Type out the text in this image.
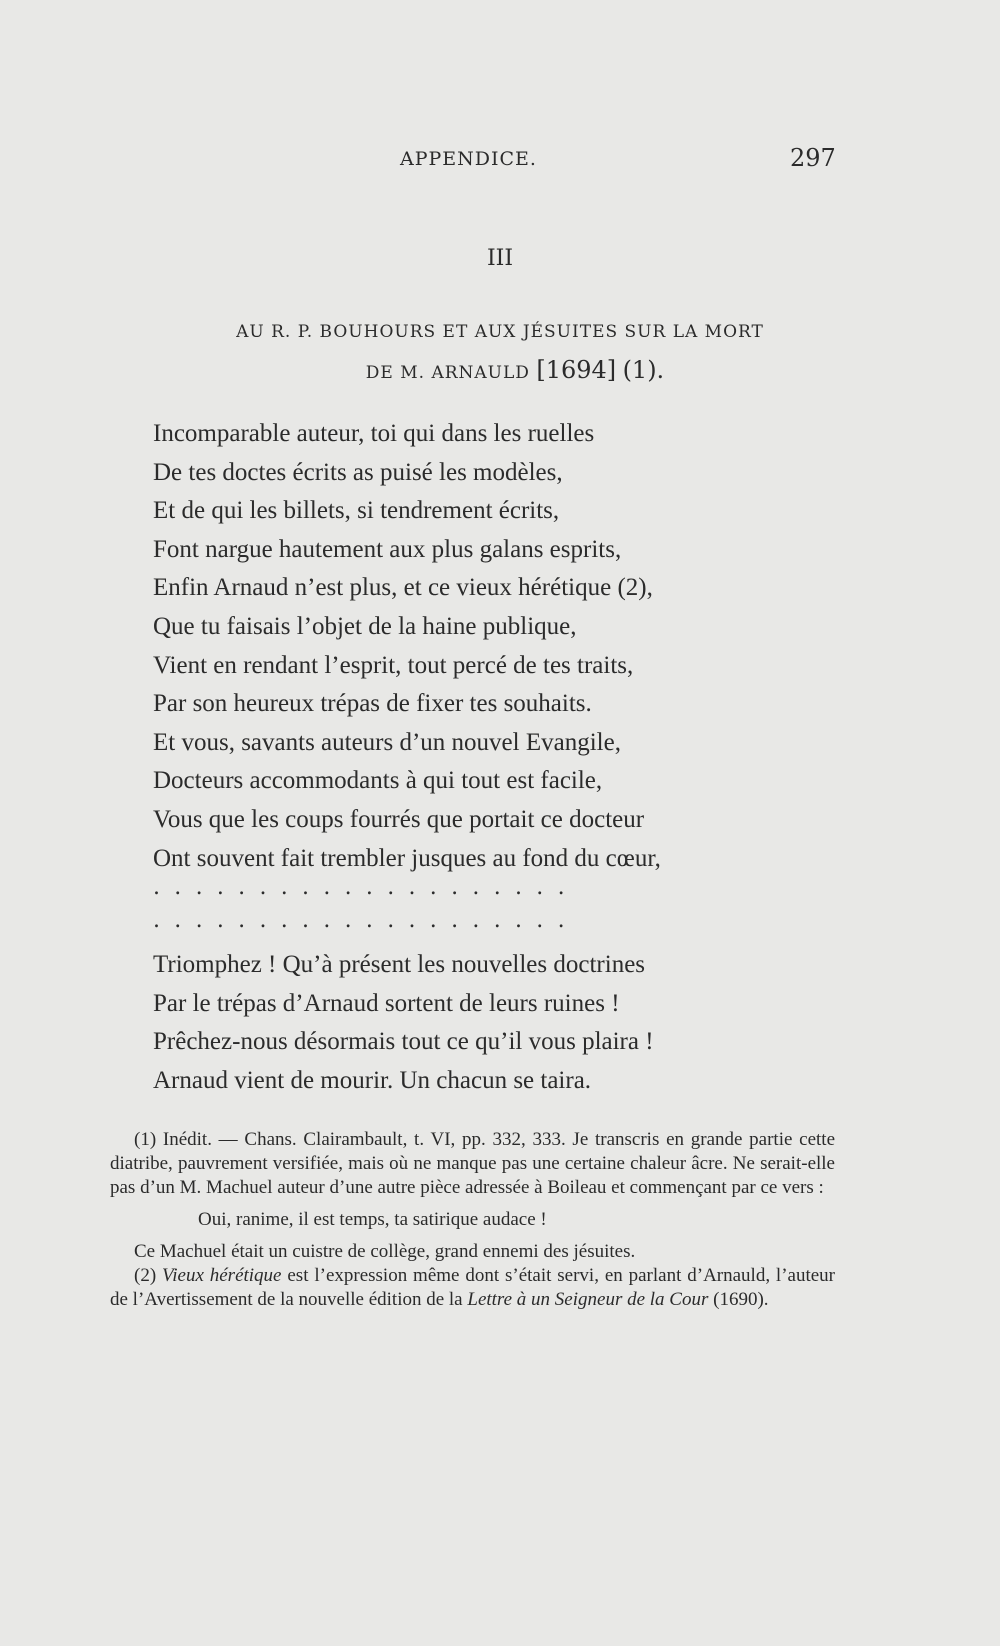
APPENDICE.	297
III
AU R. P. BOUHOURS ET AUX JÉSUITES SUR LA MORT
DE M. ARNAULD [1694] (1).
Incomparable auteur, toi qui dans les ruelles
De tes doctes écrits as puisé les modèles,
Et de qui les billets, si tendrement écrits,
Font nargue hautement aux plus galans esprits,
Enfin Arnaud n’est plus, et ce vieux hérétique (2),
Que tu faisais l’objet de la haine publique,
Vient en rendant l’esprit, tout percé de tes traits,
Par son heureux trépas de fixer tes souhaits.
Et vous, savants auteurs d’un nouvel Evangile,
Docteurs accommodants à qui tout est facile,
Vous que les coups fourrés que portait ce docteur
Ont souvent fait trembler jusques au fond du cœur,
....................
....................
Triomphez ! Qu’à présent les nouvelles doctrines
Par le trépas d’Arnaud sortent de leurs ruines !
Prêchez-nous désormais tout ce qu’il vous plaira !
Arnaud vient de mourir. Un chacun se taira.

(1) Inédit. — Chans. Clairambault, t. VI, pp. 332, 333. Je transcris en grande partie cette diatribe, pauvrement versifiée, mais où ne manque pas une certaine chaleur âcre. Ne serait-elle pas d’un M. Machuel auteur d’une autre pièce adressée à Boileau et commençant par ce vers :

Oui, ranime, il est temps, ta satirique audace !

Ce Machuel était un cuistre de collège, grand ennemi des jésuites.

(2) Vieux hérétique est l’expression même dont s’était servi, en parlant d’Arnauld, l’auteur de l’Avertissement de la nouvelle édition de la Lettre à un Seigneur de la Cour (1690).
